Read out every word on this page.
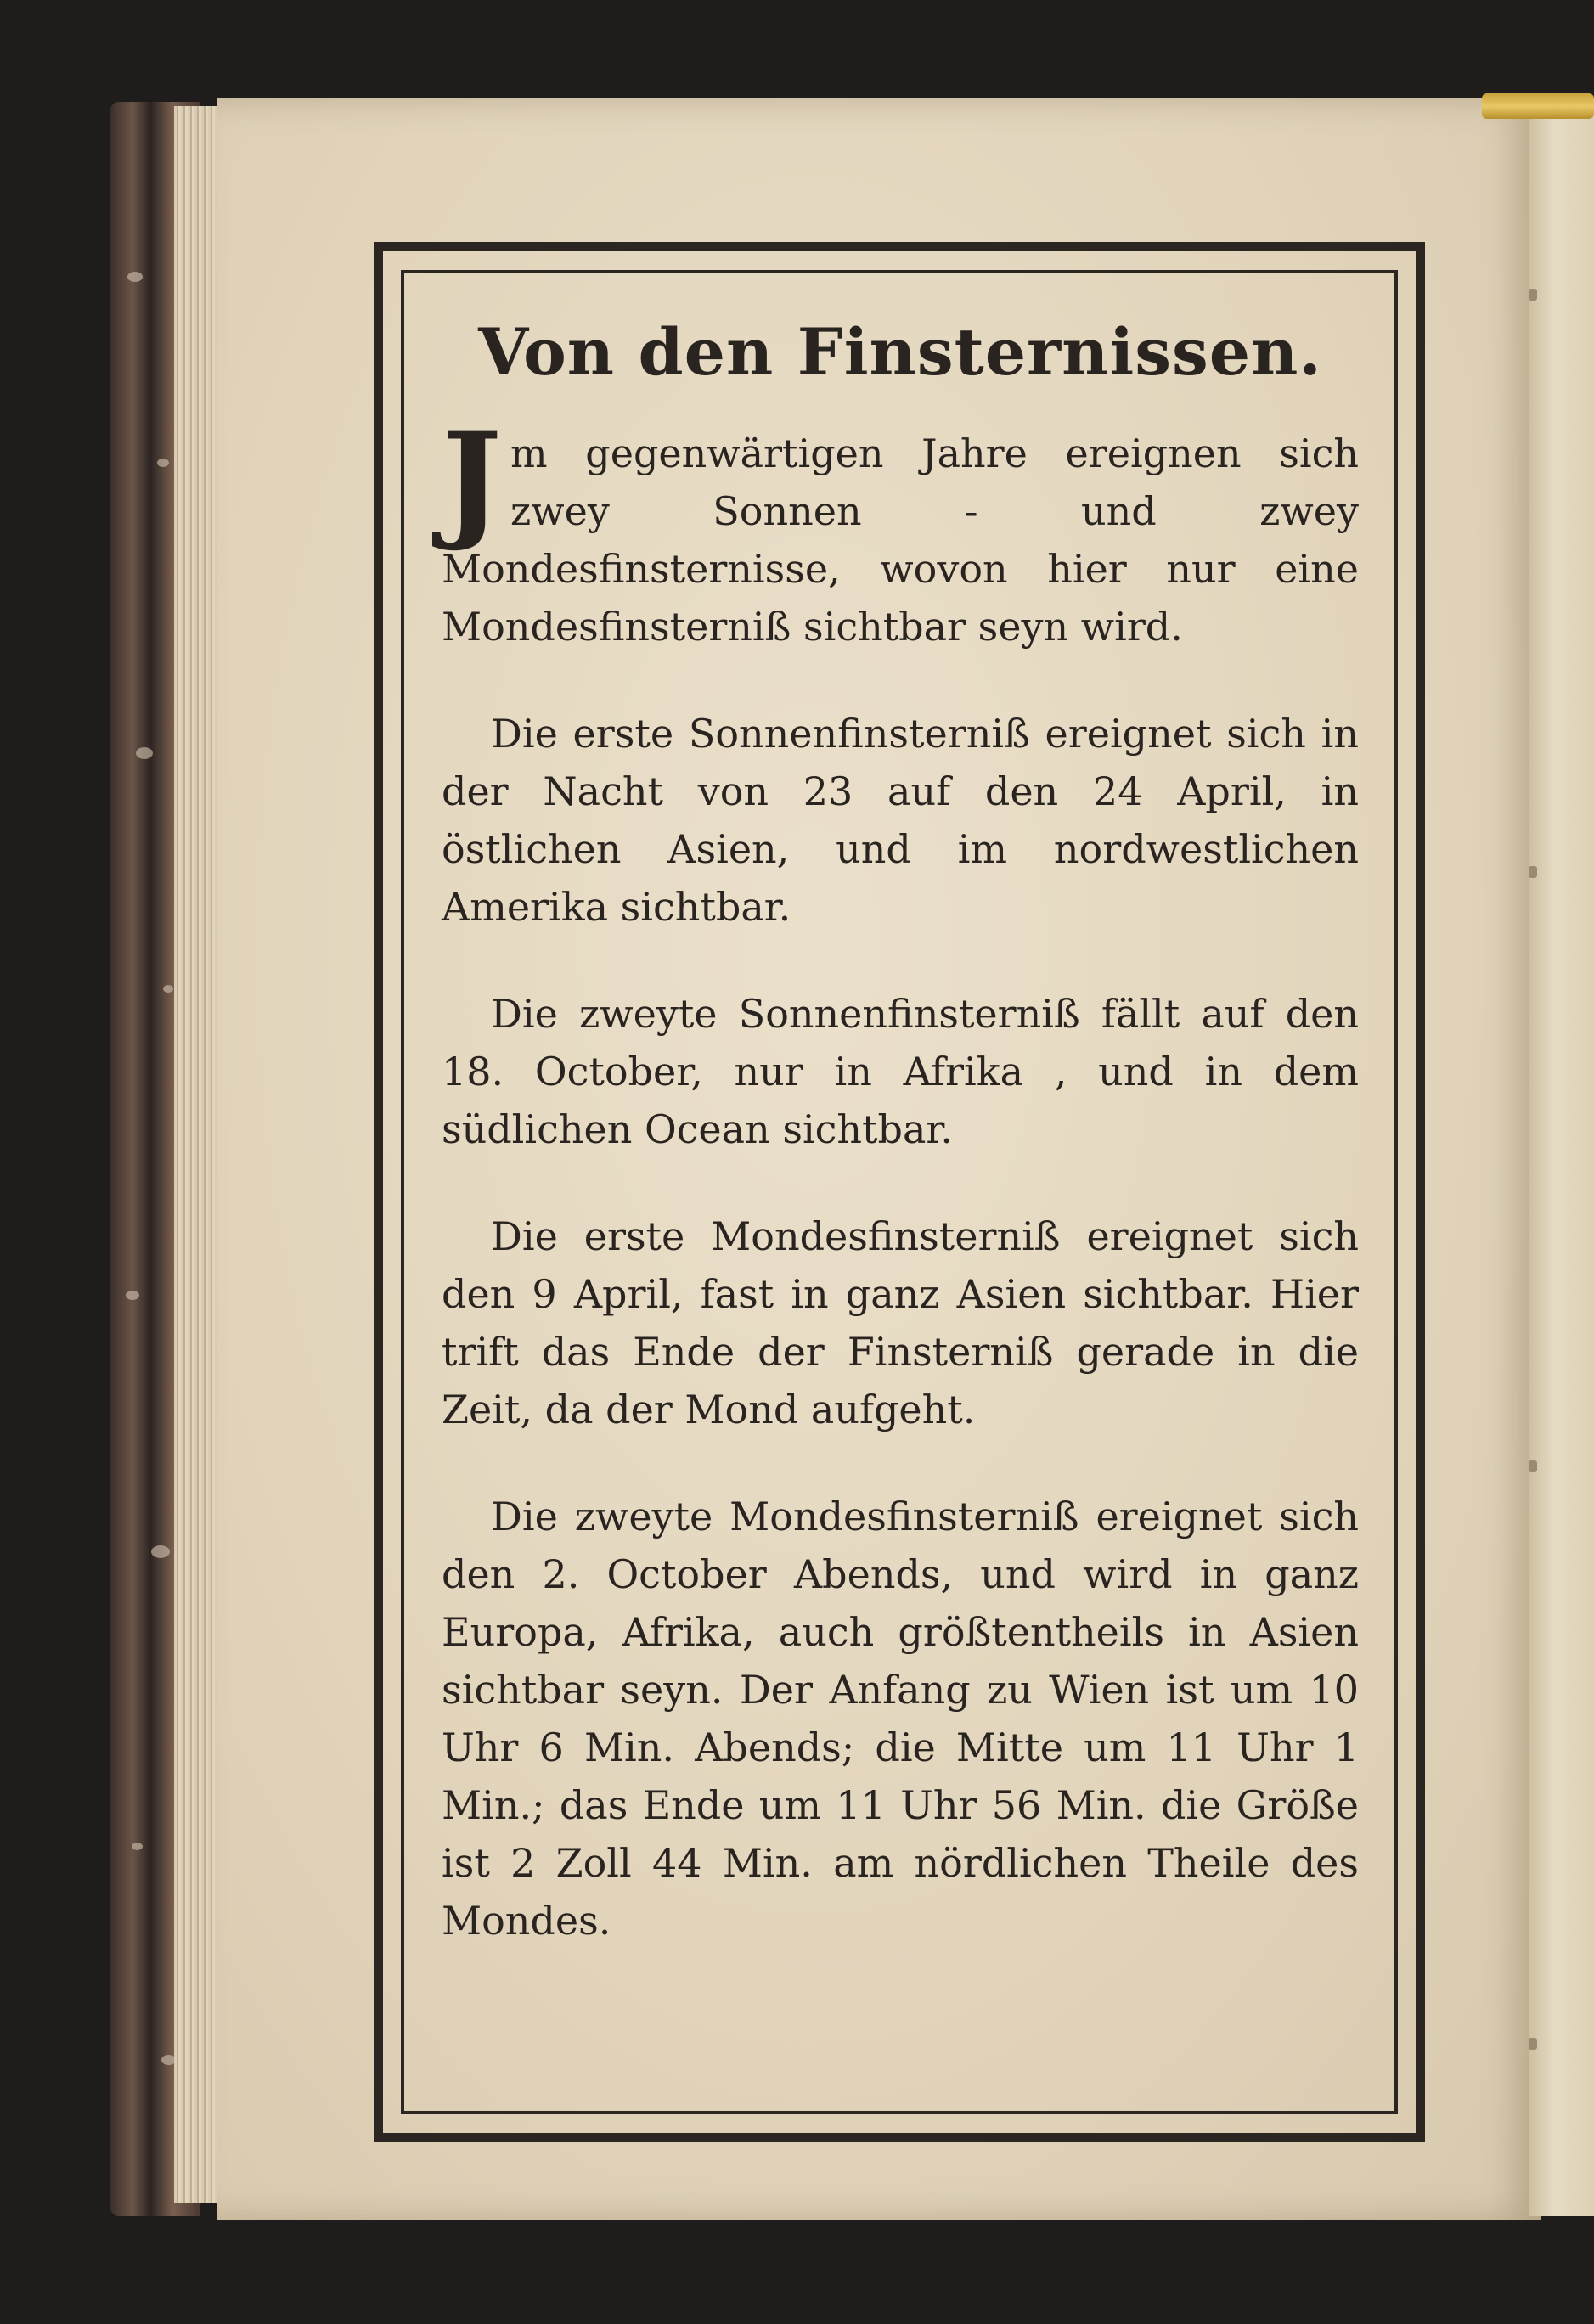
Von den Finsternissen.

Jm gegenwärtigen Jahre ereignen sich zwey Sonnen - und zwey Mondesfinsternisse, wovon hier nur eine Mondesfinsterniß sichtbar seyn wird.

Die erste Sonnenfinsterniß ereignet sich in der Nacht von 23 auf den 24 April, in östlichen Asien, und im nordwestlichen Amerika sichtbar.

Die zweyte Sonnenfinsterniß fällt auf den 18. October, nur in Afrika , und in dem südlichen Ocean sichtbar.

Die erste Mondesfinsterniß ereignet sich den 9 April, fast in ganz Asien sichtbar. Hier trift das Ende der Finsterniß gerade in die Zeit, da der Mond aufgeht.

Die zweyte Mondesfinsterniß ereignet sich den 2. October Abends, und wird in ganz Europa, Afrika, auch größtentheils in Asien sichtbar seyn. Der Anfang zu Wien ist um 10 Uhr 6 Min. Abends; die Mitte um 11 Uhr 1 Min.; das Ende um 11 Uhr 56 Min. die Größe ist 2 Zoll 44 Min. am nördlichen Theile des Mondes.
